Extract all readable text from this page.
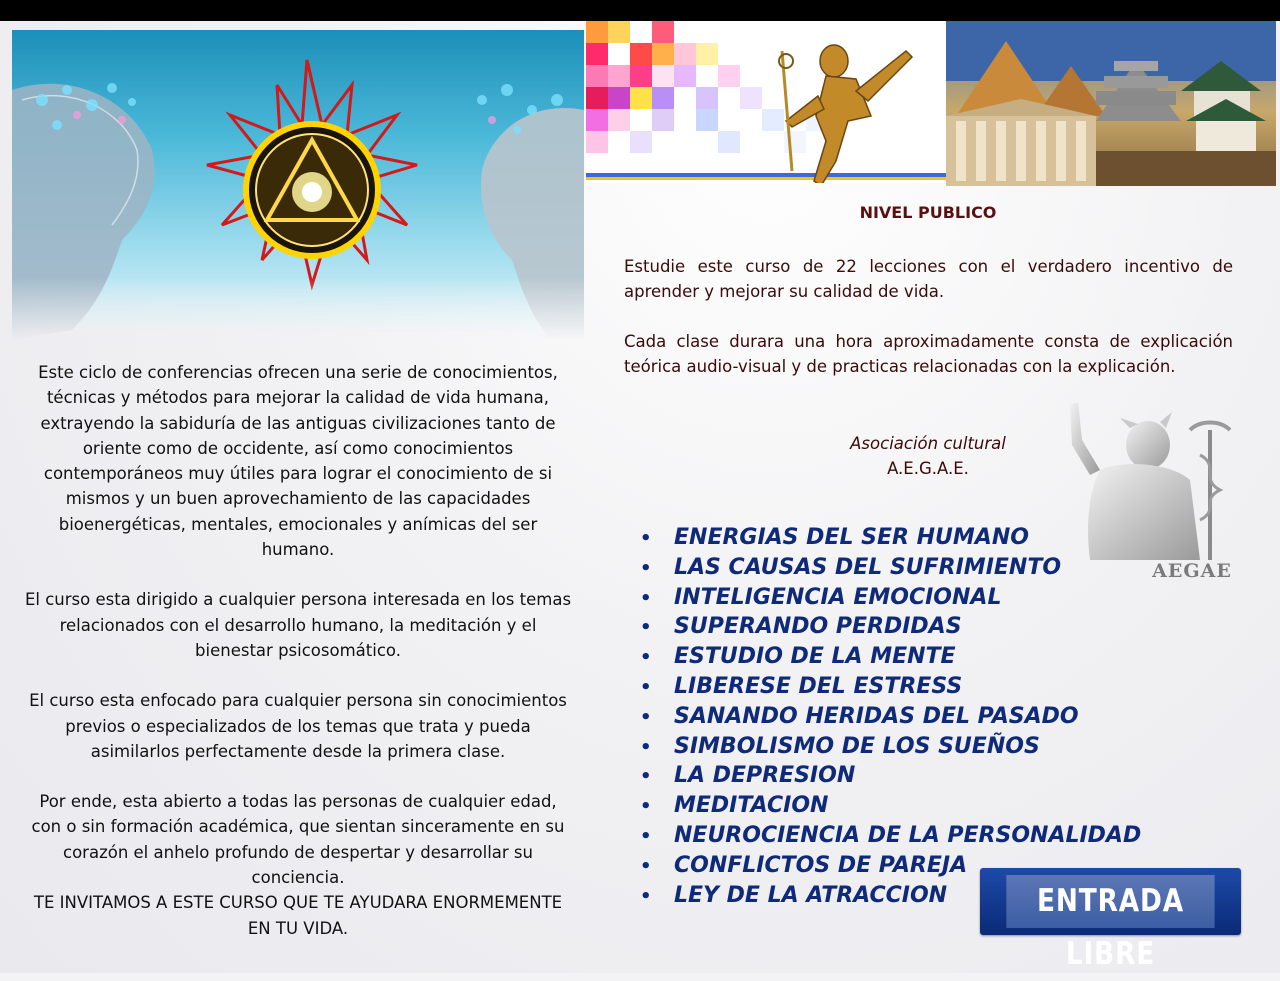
Este ciclo de conferencias ofrecen una serie de conocimientos, técnicas y métodos para mejorar la calidad de vida humana, extrayendo la sabiduría de las antiguas civilizaciones tanto de oriente como de occidente, así como conocimientos contemporáneos muy útiles para lograr el conocimiento de si mismos y un buen aprovechamiento de las capacidades bioenergéticas, mentales, emocionales y anímicas del ser humano.

El curso esta dirigido a cualquier persona interesada en los temas relacionados con el desarrollo humano, la meditación y el bienestar psicosomático.

El curso esta enfocado para cualquier persona sin conocimientos previos o especializados de los temas que trata y pueda asimilarlos perfectamente desde la primera clase.

Por ende, esta abierto a todas las personas de cualquier edad, con o sin formación académica, que sientan sinceramente en su corazón el anhelo profundo de despertar y desarrollar su conciencia.

TE INVITAMOS A ESTE CURSO QUE TE AYUDARA ENORMEMENTE EN TU VIDA.

NIVEL PUBLICO
Estudie este curso de 22 lecciones con el verdadero incentivo de aprender y mejorar su calidad de vida.
Cada clase durara una hora aproximadamente consta de explicación teórica audio-visual y de practicas relacionadas con la explicación.
Asociación cultural
A.E.G.A.E.
AEGAE
• ENERGIAS DEL SER HUMANO
• LAS CAUSAS DEL SUFRIMIENTO
• INTELIGENCIA EMOCIONAL
• SUPERANDO PERDIDAS
• ESTUDIO DE LA MENTE
• LIBERESE DEL ESTRESS
• SANANDO HERIDAS DEL PASADO
• SIMBOLISMO DE LOS SUEÑOS
• LA DEPRESION
• MEDITACION
• NEUROCIENCIA DE LA PERSONALIDAD
• CONFLICTOS DE PAREJA
• LEY DE LA ATRACCION	ENTRADA LIBRE
